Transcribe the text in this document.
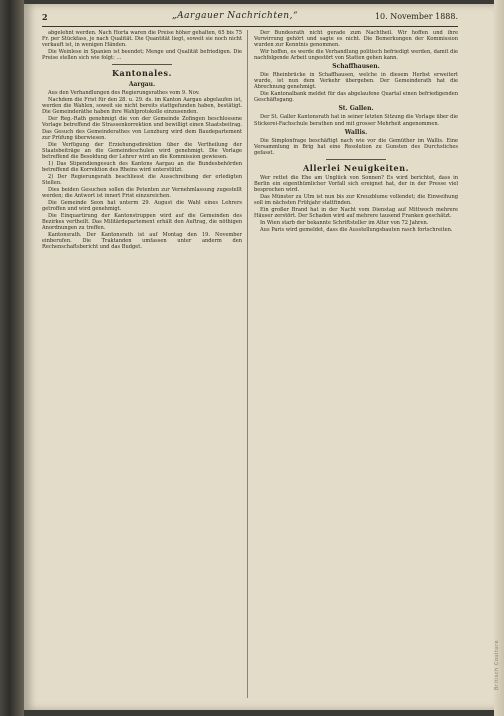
2	„Aargauer Nachrichten,“	10. November 1888.

abgelehnt werden. Nach Horta waren die Preise höher gehalten, 65 bis 75 Fr. per Stückfass, je nach Qualität. Die Quantität liegt, soweit sie noch nicht verkauft ist, in wenigen Händen.

Die Weinlese in Spanien ist beendet; Menge und Qualität befriedigen. Die Preise stellen sich wie folgt: ...

Kantonales.
Aargau.

Aus den Verhandlungen des Regierungsrathes vom 9. Nov.

Nachdem die Frist für den 28. u. 29. ds. im Kanton Aargau abgelaufen ist, werden die Wahlen, soweit sie nicht bereits stattgefunden haben, bestätigt. Die Gemeinderäthe haben ihre Wahlprotokolle einzusenden.

Der Reg.-Rath genehmigt die von der Gemeinde Zofingen beschlossene Vorlage betreffend die Strassenkorrektion und bewilligt einen Staatsbeitrag. Das Gesuch des Gemeinderathes von Lenzburg wird dem Baudepartement zur Prüfung überwiesen.

Die Verfügung der Erziehungsdirektion über die Vertheilung der Staatsbeiträge an die Gemeindeschulen wird genehmigt. Die Vorlage betreffend die Besoldung der Lehrer wird an die Kommission gewiesen.

1) Das Stipendiengesuch des Kantons Aargau an die Bundesbehörden betreffend die Korrektion des Rheins wird unterstützt.

2) Der Regierungsrath beschliesst die Ausschreibung der erledigten Stellen.

Dies beiden Gesuchen sollen die Petenten zur Vernehmlassung zugestellt werden; die Antwort ist innert Frist einzureichen.

Die Gemeinde Seon hat unterm 29. August die Wahl eines Lehrers getroffen und wird genehmigt.

Die Einquartirung der Kantonstruppen wird auf die Gemeinden des Bezirkes vertheilt. Das Militärdepartement erhält den Auftrag, die nöthigen Anordnungen zu treffen.

Kantonsrath. Der Kantonsrath ist auf Montag den 19. November einberufen. Die Traktanden umfassen unter anderm den Rechenschaftsbericht und das Budget.

Der Bundesrath nicht gerade zum Nachtheil. Wir hoffen und ihre Verwirrung gehört und sagte es nicht. Die Bemerkungen der Kommission wurden zur Kenntnis genommen.

Wir hoffen, es werde die Verhandlung politisch befriedigt werden, damit die nachfolgende Arbeit ungestört von Statten gehen kann.

Schaffhausen.

Die Rheinbrücke in Schaffhausen, welche in diesem Herbst erweitert wurde, ist nun dem Verkehr übergeben. Der Gemeinderath hat die Abrechnung genehmigt.

Die Kantonalbank meldet für das abgelaufene Quartal einen befriedigenden Geschäftsgang.

St. Gallen.

Der St. Galler Kantonsrath hat in seiner letzten Sitzung die Vorlage über die Stickerei-Fachschule berathen und mit grosser Mehrheit angenommen.

Wallis.

Die Simplonfrage beschäftigt nach wie vor die Gemüther im Wallis. Eine Versammlung in Brig hat eine Resolution zu Gunsten des Durchstiches gefasst.

Allerlei Neuigkeiten.

Wer rettet die Ehe am Unglück von Sonnen? Es wird berichtet, dass in Berlin ein eigenthümlicher Vorfall sich ereignet hat, der in der Presse viel besprochen wird.

Das Münster zu Ulm ist nun bis zur Kreuzblume vollendet; die Einweihung soll im nächsten Frühjahr stattfinden.

Ein großer Brand hat in der Nacht vom Dienstag auf Mittwoch mehrere Häuser zerstört. Der Schaden wird auf mehrere tausend Franken geschätzt.

In Wien starb der bekannte Schriftsteller im Alter von 72 Jahren.

Aus Paris wird gemeldet, dass die Ausstellungsbauten rasch fortschreiten.

Britisch Coulture
